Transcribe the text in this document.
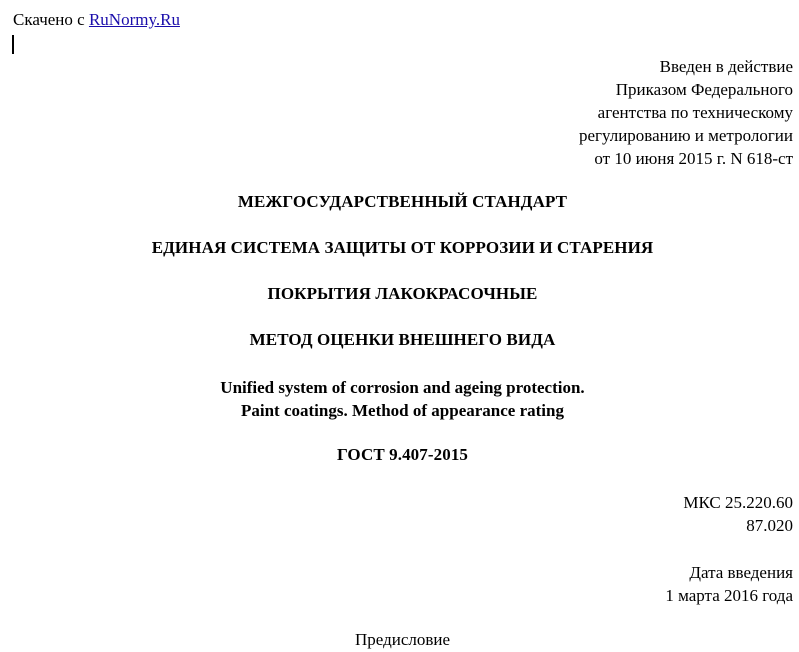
Скачено с RuNormy.Ru
Введен в действие
Приказом Федерального
агентства по техническому
регулированию и метрологии
от 10 июня 2015 г. N 618-ст
МЕЖГОСУДАРСТВЕННЫЙ СТАНДАРТ
ЕДИНАЯ СИСТЕМА ЗАЩИТЫ ОТ КОРРОЗИИ И СТАРЕНИЯ
ПОКРЫТИЯ ЛАКОКРАСОЧНЫЕ
МЕТОД ОЦЕНКИ ВНЕШНЕГО ВИДА
Unified system of corrosion and ageing protection.
Paint coatings. Method of appearance rating
ГОСТ 9.407-2015
МКС 25.220.60
87.020
Дата введения
1 марта 2016 года
Предисловие
